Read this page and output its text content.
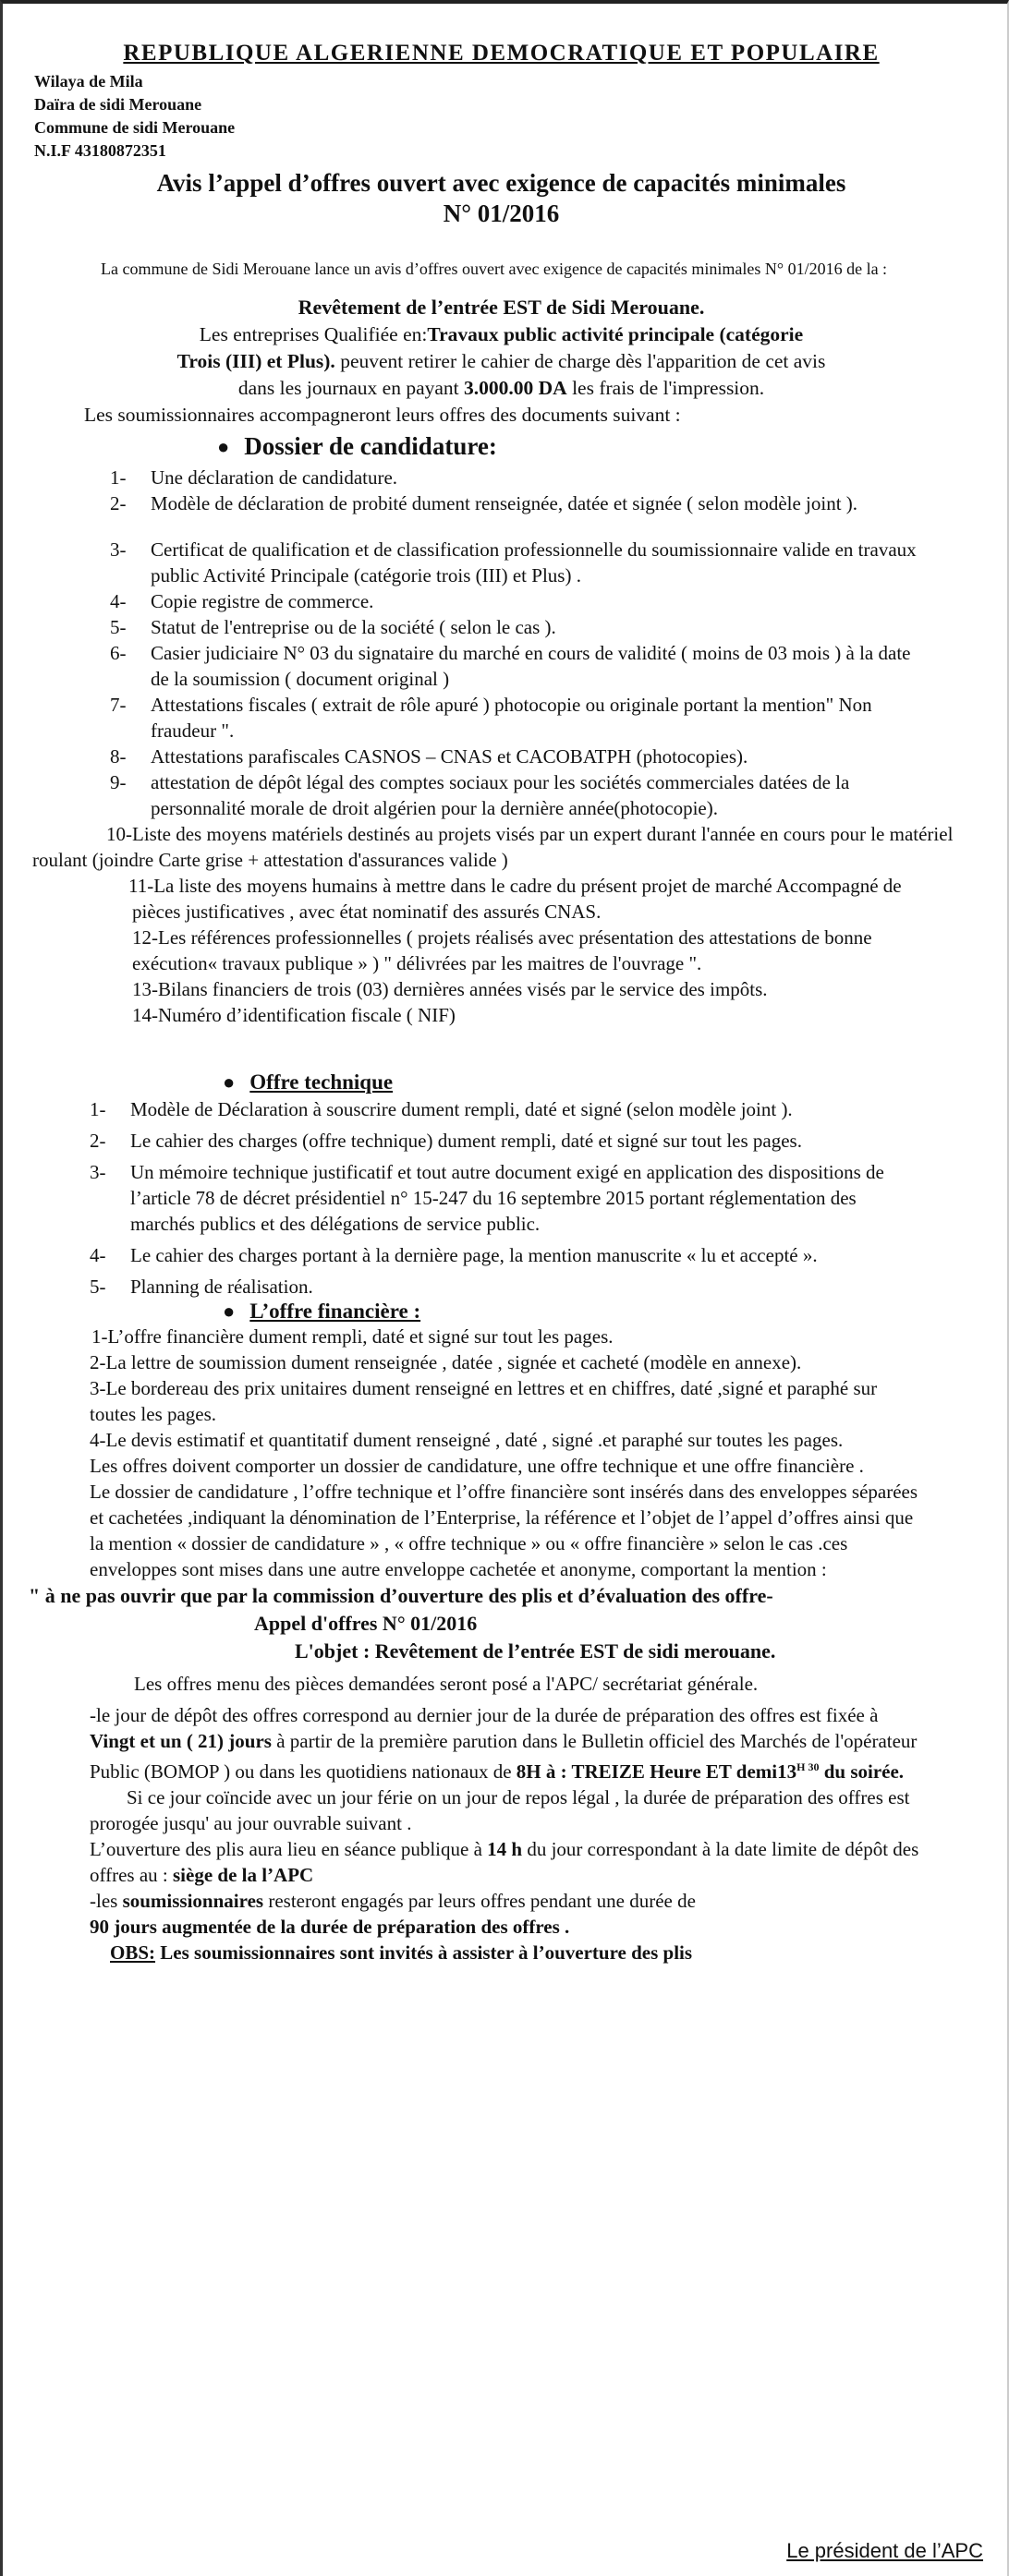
REPUBLIQUE ALGERIENNE DEMOCRATIQUE ET POPULAIRE
Wilaya de Mila
Daïra de sidi Merouane
Commune de sidi Merouane
N.I.F 43180872351
Avis l’appel d’offres ouvert avec exigence de capacités minimales
N° 01/2016

La commune de Sidi Merouane lance un avis d’offres ouvert avec exigence de capacités minimales N° 01/2016 de la :

Revêtement de l’entrée EST de Sidi Merouane.

Les entreprises Qualifiée en:Travaux public activité principale (catégorie
Trois (III) et Plus). peuvent retirer le cahier de charge dès l'apparition de cet avis
dans les journaux en payant 3.000.00 DA les frais de l'impression.

Les soumissionnaires accompagneront leurs offres des documents suivant :

● Dossier de candidature:
1-	Une déclaration de candidature.
2-	Modèle de déclaration de probité dument renseignée, datée et signée ( selon modèle joint ).
3-	Certificat de qualification et de classification professionnelle du soumissionnaire valide en travaux public Activité Principale (catégorie trois (III) et Plus) .
4-	Copie registre de commerce.
5-	Statut de l'entreprise ou de la société ( selon le cas ).
6-	Casier judiciaire N° 03 du signataire du marché en cours de validité ( moins de 03 mois ) à la date de la soumission ( document original )
7-	Attestations fiscales ( extrait de rôle apuré ) photocopie ou originale portant la mention" Non fraudeur ".
8-	Attestations parafiscales CASNOS – CNAS et CACOBATPH (photocopies).
9-	attestation de dépôt légal des comptes sociaux pour les sociétés commerciales datées de la personnalité morale de droit algérien pour la dernière année(photocopie).

10-Liste des moyens matériels destinés au projets visés par un expert durant l'année en cours pour le matériel roulant (joindre Carte grise + attestation d'assurances valide )

11-La liste des moyens humains à mettre dans le cadre du présent projet de marché Accompagné de pièces justificatives , avec état nominatif des assurés CNAS.

12-Les références professionnelles ( projets réalisés avec présentation des attestations de bonne exécution« travaux publique » ) " délivrées par les maitres de l'ouvrage ".

13-Bilans financiers de trois (03) dernières années visés par le service des impôts.

14-Numéro d’identification fiscale ( NIF)

● Offre technique
1-	Modèle de Déclaration à souscrire dument rempli, daté et signé (selon modèle joint ).
2-	Le cahier des charges (offre technique) dument rempli, daté et signé sur tout les pages.
3-	Un mémoire technique justificatif et tout autre document exigé en application des dispositions de l’article 78 de décret présidentiel n° 15-247 du 16 septembre 2015 portant réglementation des marchés publics et des délégations de service public.
4-	Le cahier des charges portant à la dernière page, la mention manuscrite « lu et accepté ».
5-	Planning de réalisation.
● L’offre financière :

1-L’offre financière dument rempli, daté et signé sur tout les pages.

2-La lettre de soumission dument renseignée , datée , signée et cacheté (modèle en annexe).

3-Le bordereau des prix unitaires dument renseigné en lettres et en chiffres, daté ,signé et paraphé sur toutes les pages.

4-Le devis estimatif et quantitatif dument renseigné , daté , signé .et paraphé sur toutes les pages.

Les offres doivent comporter un dossier de candidature, une offre technique et une offre financière .

Le dossier de candidature , l’offre technique et l’offre financière sont insérés dans des enveloppes séparées et cachetées ,indiquant la dénomination de l’Enterprise, la référence et l’objet de l’appel d’offres ainsi que la mention « dossier de candidature » , « offre technique » ou « offre financière » selon le cas .ces enveloppes sont mises dans une autre enveloppe cachetée et anonyme, comportant la mention :

" à ne pas ouvrir que par la commission d’ouverture des plis et d’évaluation des offre-

Appel d'offres N° 01/2016

L'objet : Revêtement de l’entrée EST de sidi merouane.

Les offres menu des pièces demandées seront posé a l'APC/ secrétariat générale.

-le jour de dépôt des offres correspond au dernier jour de la durée de préparation des offres est fixée à Vingt et un ( 21) jours à partir de la première parution dans le Bulletin officiel des Marchés de l'opérateur Public (BOMOP ) ou dans les quotidiens nationaux de 8H à : TREIZE Heure ET $demi13^{H 30}$ du soirée.

Si ce jour coïncide avec un jour férie on un jour de repos légal , la durée de préparation des offres est prorogée jusqu' au jour ouvrable suivant .

L’ouverture des plis aura lieu en séance publique à 14 h du jour correspondant à la date limite de dépôt des offres au : siège de la l’APC

-les soumissionnaires resteront engagés par leurs offres pendant une durée de

90 jours augmentée de la durée de préparation des offres .

OBS: Les soumissionnaires sont invités à assister à l’ouverture des plis

Le président de l’APC
